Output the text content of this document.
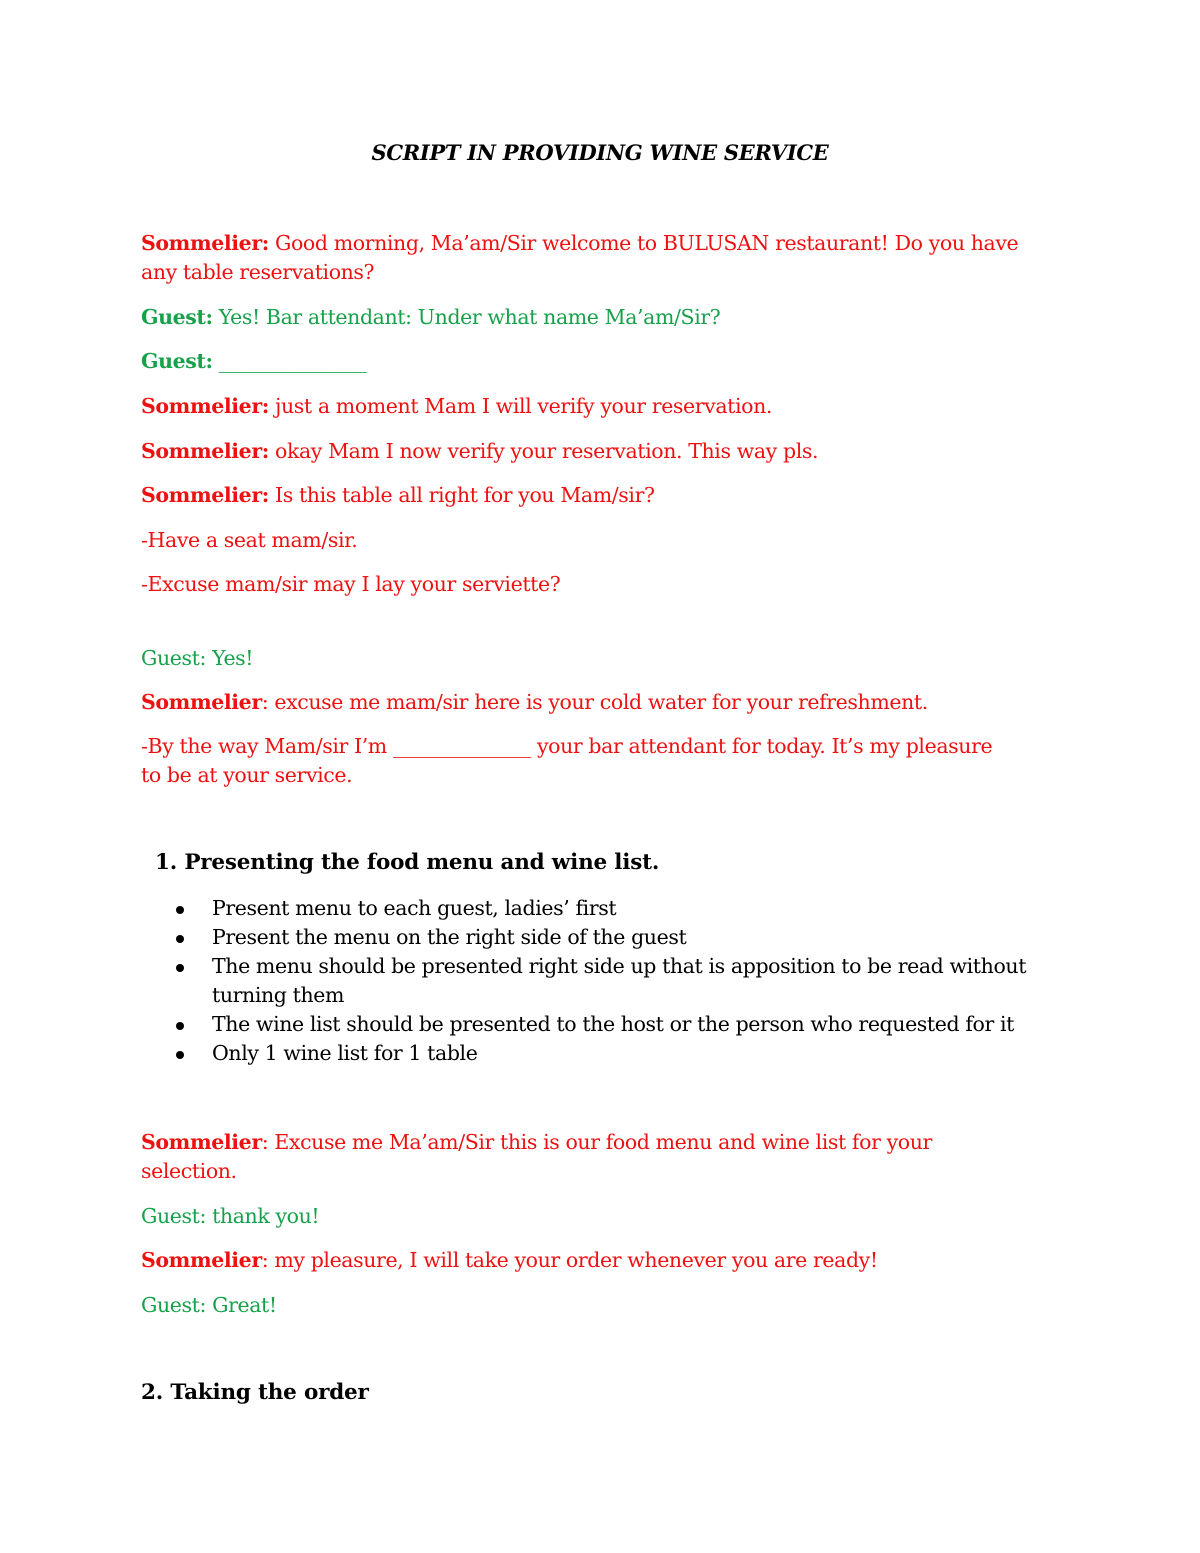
SCRIPT IN PROVIDING WINE SERVICE
Sommelier: Good morning, Ma’am/Sir welcome to BULUSAN restaurant! Do you have any table reservations?
Guest: Yes! Bar attendant: Under what name Ma’am/Sir?
Guest: _______________
Sommelier: just a moment Mam I will verify your reservation.
Sommelier: okay Mam I now verify your reservation. This way pls.
Sommelier: Is this table all right for you Mam/sir?
-Have a seat mam/sir.
-Excuse mam/sir may I lay your serviette?
Guest: Yes!
Sommelier: excuse me mam/sir here is your cold water for your refreshment.
-By the way Mam/sir I’m ______________ your bar attendant for today. It’s my pleasure to be at your service.
1. Presenting the food menu and wine list.
Present menu to each guest, ladies’ first
Present the menu on the right side of the guest
The menu should be presented right side up that is apposition to be read without turning them
The wine list should be presented to the host or the person who requested for it
Only 1 wine list for 1 table
Sommelier: Excuse me Ma’am/Sir this is our food menu and wine list for your selection.
Guest: thank you!
Sommelier: my pleasure, I will take your order whenever you are ready!
Guest: Great!
2. Taking the order
